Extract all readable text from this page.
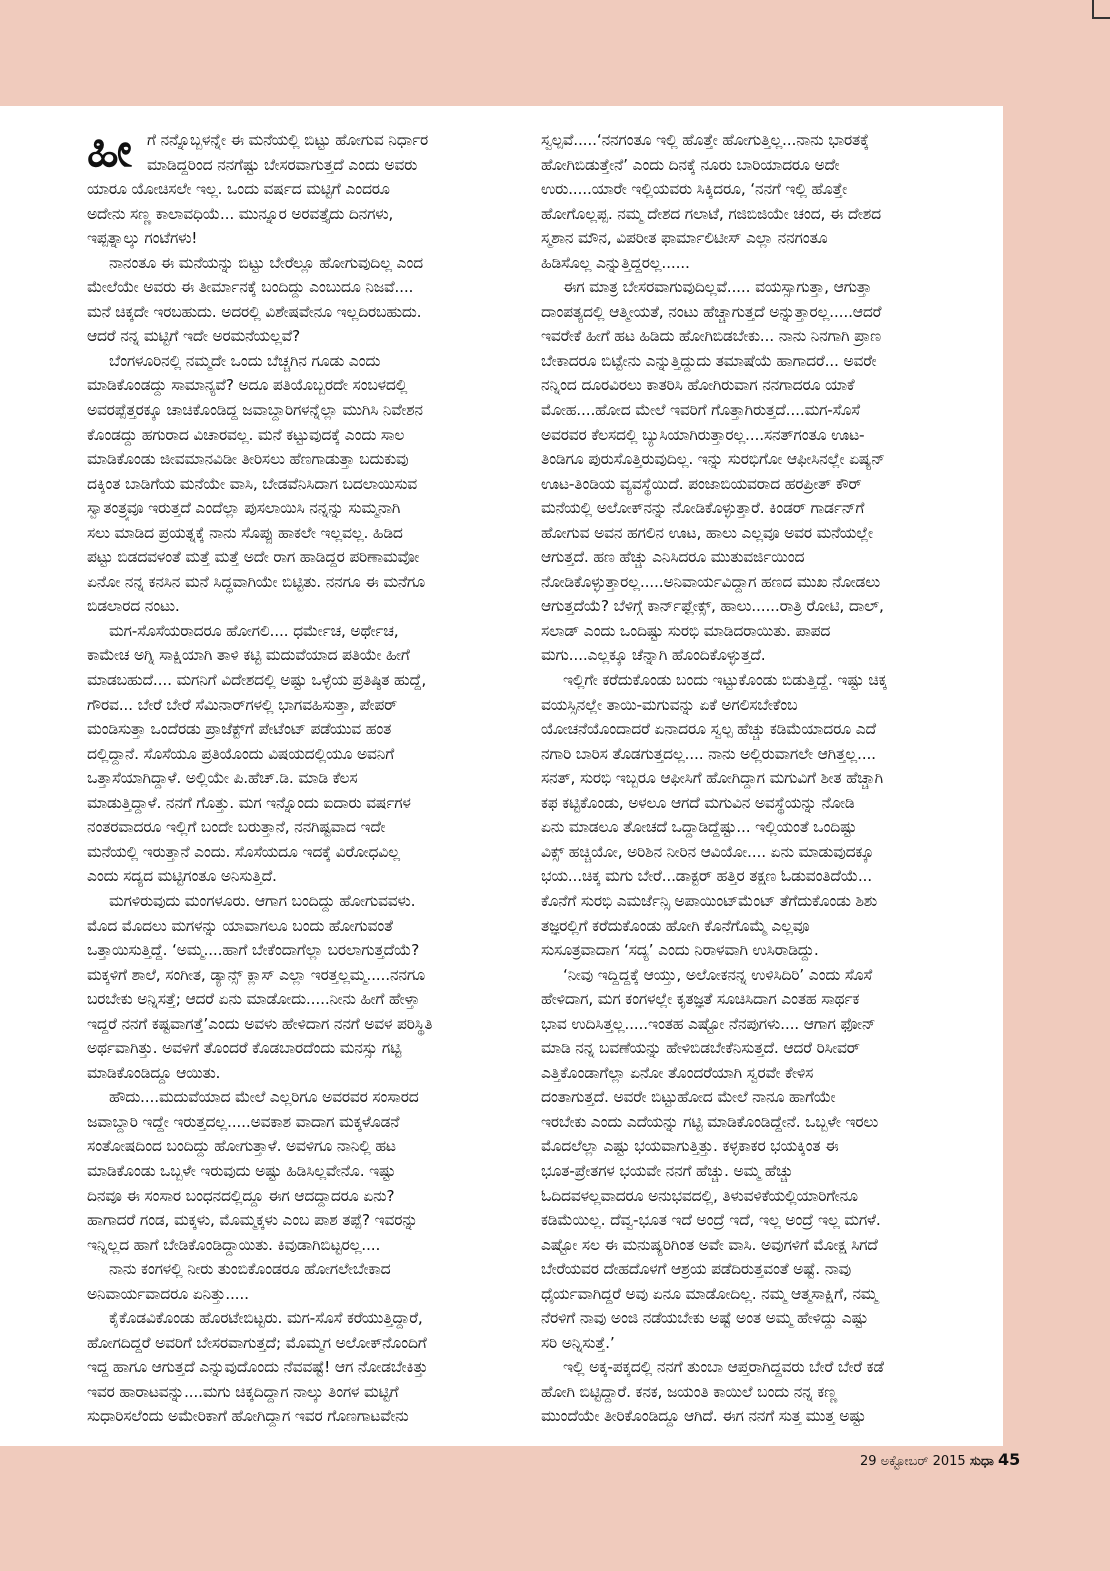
ಹೀ ಗೆ ನನ್ನೊಬ್ಬಳನ್ನೇ ಈ ಮನೆಯಲ್ಲಿ ಬಿಟ್ಟು ಹೋಗುವ ನಿರ್ಧಾರ
ಮಾಡಿದ್ದರಿಂದ ನನಗೆಷ್ಟು ಬೇಸರವಾಗುತ್ತದೆ ಎಂದು ಅವರು
ಯಾರೂ ಯೋಚಿಸಲೇ ಇಲ್ಲ. ಒಂದು ವರ್ಷದ ಮಟ್ಟಿಗೆ ಎಂದರೂ
ಅದೇನು ಸಣ್ಣ ಕಾಲಾವಧಿಯೆ... ಮುನ್ನೂರ ಅರವತ್ತೈದು ದಿನಗಳು,
ಇಪ್ಪತ್ನಾಲ್ಕು ಗಂಟೆಗಳು!
ನಾನಂತೂ ಈ ಮನೆಯನ್ನು ಬಿಟ್ಟು ಬೇರೆಲ್ಲೂ ಹೋಗುವುದಿಲ್ಲ ಎಂದ
ಮೇಲೆಯೇ ಅವರು ಈ ತೀರ್ಮಾನಕ್ಕೆ ಬಂದಿದ್ದು ಎಂಬುದೂ ನಿಜವೆ....
ಮನೆ ಚಿಕ್ಕದೇ ಇರಬಹುದು. ಅದರಲ್ಲಿ ವಿಶೇಷವೇನೂ ಇಲ್ಲದಿರಬಹುದು.
ಆದರೆ ನನ್ನ ಮಟ್ಟಿಗೆ ಇದೇ ಅರಮನೆಯಲ್ಲವೆ?
ಬೆಂಗಳೂರಿನಲ್ಲಿ ನಮ್ಮದೇ ಒಂದು ಬೆಚ್ಚಗಿನ ಗೂಡು ಎಂದು
ಮಾಡಿಕೊಂಡದ್ದು ಸಾಮಾನ್ಯವೆ? ಅದೂ ಪತಿಯೊಬ್ಬರದೇ ಸಂಬಳದಲ್ಲಿ
ಅವರಪ್ಪೆತ್ತರಕ್ಕೂ ಚಾಚಿಕೊಂಡಿದ್ದ ಜವಾಬ್ದಾರಿಗಳನ್ನೆಲ್ಲಾ ಮುಗಿಸಿ ನಿವೇಶನ
ಕೊಂಡದ್ದು ಹಗುರಾದ ವಿಚಾರವಲ್ಲ. ಮನೆ ಕಟ್ಟುವುದಕ್ಕೆ ಎಂದು ಸಾಲ
ಮಾಡಿಕೊಂಡು ಜೀವಮಾನವಿಡೀ ತೀರಿಸಲು ಹೆಣಗಾಡುತ್ತಾ ಬದುಕುವು
ದಕ್ಕಿಂತ ಬಾಡಿಗೆಯ ಮನೆಯೇ ವಾಸಿ, ಬೇಡವೆನಿಸಿದಾಗ ಬದಲಾಯಿಸುವ
ಸ್ವಾತಂತ್ರ್ಯವೂ ಇರುತ್ತದೆ ಎಂದೆಲ್ಲಾ ಪುಸಲಾಯಿಸಿ ನನ್ನನ್ನು ಸುಮ್ಮನಾಗಿ
ಸಲು ಮಾಡಿದ ಪ್ರಯತ್ನಕ್ಕೆ ನಾನು ಸೊಪ್ಪು ಹಾಕಲೇ ಇಲ್ಲವಲ್ಲ. ಹಿಡಿದ
ಪಟ್ಟು ಬಿಡದವಳಂತೆ ಮತ್ತೆ ಮತ್ತೆ ಅದೇ ರಾಗ ಹಾಡಿದ್ದರ ಪರಿಣಾಮವೋ
ಏನೋ ನನ್ನ ಕನಸಿನ ಮನೆ ಸಿದ್ಧವಾಗಿಯೇ ಬಿಟ್ಟಿತು. ನನಗೂ ಈ ಮನೆಗೂ
ಬಿಡಲಾರದ ನಂಟು.
ಮಗ-ಸೊಸೆಯರಾದರೂ ಹೋಗಲಿ.... ಧರ್ಮೇಚ, ಅರ್ಥೇಚ,
ಕಾಮೇಚ ಅಗ್ನಿ ಸಾಕ್ಷಿಯಾಗಿ ತಾಳಿ ಕಟ್ಟಿ ಮದುವೆಯಾದ ಪತಿಯೇ ಹೀಗೆ
ಮಾಡಬಹುದೆ.... ಮಗನಿಗೆ ವಿದೇಶದಲ್ಲಿ ಅಷ್ಟು ಒಳ್ಳೆಯ ಪ್ರತಿಷ್ಠಿತ ಹುದ್ದೆ,
ಗೌರವ... ಬೇರೆ ಬೇರೆ ಸೆಮಿನಾರ್‌ಗಳಲ್ಲಿ ಭಾಗವಹಿಸುತ್ತಾ, ಪೇಪರ್
ಮಂಡಿಸುತ್ತಾ ಒಂದೆರಡು ಪ್ರಾಜೆಕ್ಟ್‌ಗೆ ಪೇಟೆಂಟ್ ಪಡೆಯುವ ಹಂತ
ದಲ್ಲಿದ್ದಾನೆ. ಸೊಸೆಯೂ ಪ್ರತಿಯೊಂದು ವಿಷಯದಲ್ಲಿಯೂ ಅವನಿಗೆ
ಒತ್ತಾಸೆಯಾಗಿದ್ದಾಳೆ. ಅಲ್ಲಿಯೇ ಪಿ.ಹೆಚ್.ಡಿ. ಮಾಡಿ ಕೆಲಸ
ಮಾಡುತ್ತಿದ್ದಾಳೆ. ನನಗೆ ಗೊತ್ತು. ಮಗ ಇನ್ನೊಂದು ಐದಾರು ವರ್ಷಗಳ
ನಂತರವಾದರೂ ಇಲ್ಲಿಗೆ ಬಂದೇ ಬರುತ್ತಾನೆ, ನನಗಿಷ್ಟವಾದ ಇದೇ
ಮನೆಯಲ್ಲಿ ಇರುತ್ತಾನೆ ಎಂದು. ಸೊಸೆಯದೂ ಇದಕ್ಕೆ ವಿರೋಧವಿಲ್ಲ
ಎಂದು ಸದ್ಯದ ಮಟ್ಟಿಗಂತೂ ಅನಿಸುತ್ತಿದೆ.
ಮಗಳಿರುವುದು ಮಂಗಳೂರು. ಆಗಾಗ ಬಂದಿದ್ದು ಹೋಗುವವಳು.
ಮೊದ ಮೊದಲು ಮಗಳನ್ನು ಯಾವಾಗಲೂ ಬಂದು ಹೋಗುವಂತೆ
ಒತ್ತಾಯಿಸುತ್ತಿದ್ದೆ. ‘ಅಮ್ಮ....ಹಾಗೆ ಬೇಕೆಂದಾಗೆಲ್ಲಾ ಬರಲಾಗುತ್ತದೆಯೆ?
ಮಕ್ಕಳಿಗೆ ಶಾಲೆ, ಸಂಗೀತ, ಡ್ಯಾನ್ಸ್ ಕ್ಲಾಸ್ ಎಲ್ಲಾ ಇರತ್ತಲ್ಲಮ್ಮ.....ನನಗೂ
ಬರಬೇಕು ಅನ್ನಿಸತ್ತೆ; ಆದರೆ ಏನು ಮಾಡೋದು.....ನೀನು ಹೀಗೆ ಹೇಳ್ತಾ
ಇದ್ದರೆ ನನಗೆ ಕಷ್ಟವಾಗತ್ತೆ’ಎಂದು ಅವಳು ಹೇಳಿದಾಗ ನನಗೆ ಅವಳ ಪರಿಸ್ಥಿತಿ
ಅರ್ಥವಾಗಿತ್ತು. ಅವಳಿಗೆ ತೊಂದರೆ ಕೊಡಬಾರದೆಂದು ಮನಸ್ಸು ಗಟ್ಟಿ
ಮಾಡಿಕೊಂಡಿದ್ದೂ ಆಯಿತು.
ಹೌದು....ಮದುವೆಯಾದ ಮೇಲೆ ಎಲ್ಲರಿಗೂ ಅವರವರ ಸಂಸಾರದ
ಜವಾಬ್ದಾರಿ ಇದ್ದೇ ಇರುತ್ತದಲ್ಲ.....ಅವಕಾಶ ವಾದಾಗ ಮಕ್ಕಳೊಡನೆ
ಸಂತೋಷದಿಂದ ಬಂದಿದ್ದು ಹೋಗುತ್ತಾಳೆ. ಅವಳಿಗೂ ನಾನಿಲ್ಲಿ ಹಟ
ಮಾಡಿಕೊಂಡು ಒಬ್ಬಳೇ ಇರುವುದು ಅಷ್ಟು ಹಿಡಿಸಿಲ್ಲವೇನೊ. ಇಷ್ಟು
ದಿನವೂ ಈ ಸಂಸಾರ ಬಂಧನದಲ್ಲಿದ್ದೂ ಈಗ ಆದದ್ದಾದರೂ ಏನು?
ಹಾಗಾದರೆ ಗಂಡ, ಮಕ್ಕಳು, ಮೊಮ್ಮಕ್ಕಳು ಎಂಬ ಪಾಶ ತಪ್ಪೆ? ಇವರನ್ನು
ಇನ್ನಿಲ್ಲದ ಹಾಗೆ ಬೇಡಿಕೊಂಡಿದ್ದಾಯಿತು. ಕಿವುಡಾಗಿಬಿಟ್ಟರಲ್ಲ....
ನಾನು ಕಂಗಳಲ್ಲಿ ನೀರು ತುಂಬಿಕೊಂಡರೂ ಹೋಗಲೇಬೇಕಾದ
ಅನಿವಾರ್ಯವಾದರೂ ಏನಿತ್ತು.....
ಕೈಕೊಡವಿಕೊಂಡು ಹೊರಟೇಬಿಟ್ಟರು. ಮಗ-ಸೊಸೆ ಕರೆಯುತ್ತಿದ್ದಾರೆ,
ಹೋಗದಿದ್ದರೆ ಅವರಿಗೆ ಬೇಸರವಾಗುತ್ತದೆ; ಮೊಮ್ಮಗ ಅಲೋಕ್‌ನೊಂದಿಗೆ
ಇದ್ದ ಹಾಗೂ ಆಗುತ್ತದೆ ಎನ್ನುವುದೊಂದು ನೆವವಷ್ಟೆ! ಆಗ ನೋಡಬೇಕಿತ್ತು
ಇವರ ಹಾರಾಟವನ್ನು....ಮಗು ಚಿಕ್ಕದಿದ್ದಾಗ ನಾಲ್ಕು ತಿಂಗಳ ಮಟ್ಟಿಗೆ
ಸುಧಾರಿಸಲೆಂದು ಅಮೇರಿಕಾಗೆ ಹೋಗಿದ್ದಾಗ ಇವರ ಗೊಣಗಾಟವೇನು
ಸ್ವಲ್ಪವೆ.....‘ನನಗಂತೂ ಇಲ್ಲಿ ಹೊತ್ತೇ ಹೋಗುತ್ತಿಲ್ಲ...ನಾನು ಭಾರತಕ್ಕೆ
ಹೋಗಿಬಿಡುತ್ತೇನೆ’ ಎಂದು ದಿನಕ್ಕೆ ನೂರು ಬಾರಿಯಾದರೂ ಅದೇ
ಉರು.....ಯಾರೇ ಇಲ್ಲಿಯವರು ಸಿಕ್ಕಿದರೂ, ‘ನನಗೆ ಇಲ್ಲಿ ಹೊತ್ತೇ
ಹೋಗೊಲ್ಲಪ್ಪ. ನಮ್ಮ ದೇಶದ ಗಲಾಟೆ, ಗಜಿಬಿಜಿಯೇ ಚಂದ, ಈ ದೇಶದ
ಸ್ಮಶಾನ ಮೌನ, ವಿಪರೀತ ಫಾರ್ಮಾಲಿಟೀಸ್ ಎಲ್ಲಾ ನನಗಂತೂ
ಹಿಡಿಸೊಲ್ಲ ಎನ್ನುತ್ತಿದ್ದರಲ್ಲ......
ಈಗ ಮಾತ್ರ ಬೇಸರವಾಗುವುದಿಲ್ಲವೆ..... ವಯಸ್ಸಾಗುತ್ತಾ, ಆಗುತ್ತಾ
ದಾಂಪತ್ಯದಲ್ಲಿ ಆತ್ಮೀಯತೆ, ನಂಟು ಹೆಚ್ಚಾಗುತ್ತದೆ ಅನ್ನುತ್ತಾರಲ್ಲ.....ಆದರೆ
ಇವರೇಕೆ ಹೀಗೆ ಹಟ ಹಿಡಿದು ಹೋಗಿಬಿಡಬೇಕು... ನಾನು ನಿನಗಾಗಿ ಪ್ರಾಣ
ಬೇಕಾದರೂ ಬಿಟ್ಟೇನು ಎನ್ನುತ್ತಿದ್ದುದು ತಮಾಷೆಯೆ ಹಾಗಾದರೆ... ಅವರೇ
ನನ್ನಿಂದ ದೂರವಿರಲು ಕಾತರಿಸಿ ಹೋಗಿರುವಾಗ ನನಗಾದರೂ ಯಾಕೆ
ಮೋಹ....ಹೋದ ಮೇಲೆ ಇವರಿಗೆ ಗೊತ್ತಾಗಿರುತ್ತದೆ....ಮಗ-ಸೊಸೆ
ಅವರವರ ಕೆಲಸದಲ್ಲಿ ಬ್ಯುಸಿಯಾಗಿರುತ್ತಾರಲ್ಲ....ಸನತ್‌ಗಂತೂ ಊಟ-
ತಿಂಡಿಗೂ ಪುರುಸೊತ್ತಿರುವುದಿಲ್ಲ. ಇನ್ನು ಸುರಭಿಗೋ ಆಫೀಸಿನಲ್ಲೇ ಏಷ್ಯನ್
ಊಟ-ತಿಂಡಿಯ ವ್ಯವಸ್ಥೆಯಿದೆ. ಪಂಜಾಬಿಯವರಾದ ಹರಪ್ರೀತ್ ಕೌರ್
ಮನೆಯಲ್ಲಿ ಅಲೋಕ್‌ನನ್ನು ನೋಡಿಕೊಳ್ಳುತ್ತಾರೆ. ಕಿಂಡರ್ ಗಾರ್ಡನ್‌ಗೆ
ಹೋಗುವ ಅವನ ಹಗಲಿನ ಊಟ, ಹಾಲು ಎಲ್ಲವೂ ಅವರ ಮನೆಯಲ್ಲೇ
ಆಗುತ್ತದೆ. ಹಣ ಹೆಚ್ಚು ಎನಿಸಿದರೂ ಮುತುವರ್ಜಿಯಿಂದ
ನೋಡಿಕೊಳ್ಳುತ್ತಾರಲ್ಲ.....ಅನಿವಾರ್ಯವಿದ್ದಾಗ ಹಣದ ಮುಖ ನೋಡಲು
ಆಗುತ್ತದೆಯೆ? ಬೆಳಿಗ್ಗೆ ಕಾರ್ನ್‌ಫ್ಲೇಕ್ಸ್, ಹಾಲು......ರಾತ್ರಿ ರೋಟಿ, ದಾಲ್,
ಸಲಾಡ್ ಎಂದು ಒಂದಿಷ್ಟು ಸುರಭಿ ಮಾಡಿದರಾಯಿತು. ಪಾಪದ
ಮಗು....ಎಲ್ಲಕ್ಕೂ ಚೆನ್ನಾಗಿ ಹೊಂದಿಕೊಳ್ಳುತ್ತದೆ.
ಇಲ್ಲಿಗೇ ಕರೆದುಕೊಂಡು ಬಂದು ಇಟ್ಟುಕೊಂಡು ಬಿಡುತ್ತಿದ್ದೆ. ಇಷ್ಟು ಚಿಕ್ಕ
ವಯಸ್ಸಿನಲ್ಲೇ ತಾಯಿ-ಮಗುವನ್ನು ಏಕೆ ಅಗಲಿಸಬೇಕೆಂಬ
ಯೋಚನೆಯೊಂದಾದರೆ ಏನಾದರೂ ಸ್ವಲ್ಪ ಹೆಚ್ಚು ಕಡಿಮೆಯಾದರೂ ಎದೆ
ನಗಾರಿ ಬಾರಿಸ ತೊಡಗುತ್ತದಲ್ಲ.... ನಾನು ಅಲ್ಲಿರುವಾಗಲೇ ಆಗಿತ್ತಲ್ಲ....
ಸನತ್, ಸುರಭಿ ಇಬ್ಬರೂ ಆಫೀಸಿಗೆ ಹೋಗಿದ್ದಾಗ ಮಗುವಿಗೆ ಶೀತ ಹೆಚ್ಚಾಗಿ
ಕಫ ಕಟ್ಟಿಕೊಂಡು, ಅಳಲೂ ಆಗದೆ ಮಗುವಿನ ಅವಸ್ಥೆಯನ್ನು ನೋಡಿ
ಏನು ಮಾಡಲೂ ತೋಚದೆ ಒದ್ದಾಡಿದ್ದೆಷ್ಟು... ಇಲ್ಲಿಯಂತೆ ಒಂದಿಷ್ಟು
ವಿಕ್ಸ್ ಹಚ್ಚಿಯೋ, ಅರಿಶಿನ ನೀರಿನ ಆವಿಯೋ.... ಏನು ಮಾಡುವುದಕ್ಕೂ
ಭಯ...ಚಿಕ್ಕ ಮಗು ಬೇರೆ...ಡಾಕ್ಟರ್ ಹತ್ತಿರ ತಕ್ಷಣ ಓಡುವಂತಿದೆಯೆ...
ಕೊನೆಗೆ ಸುರಭಿ ಎಮರ್ಜೆನ್ಸಿ ಅಪಾಯಿಂಟ್‌ಮೆಂಟ್ ತೆಗೆದುಕೊಂಡು ಶಿಶು
ತಜ್ಞರಲ್ಲಿಗೆ ಕರೆದುಕೊಂಡು ಹೋಗಿ ಕೊನೆಗೊಮ್ಮೆ ಎಲ್ಲವೂ
ಸುಸೂತ್ರವಾದಾಗ ‘ಸದ್ಯ’ ಎಂದು ನಿರಾಳವಾಗಿ ಉಸಿರಾಡಿದ್ದು.
‘ನೀವು ಇದ್ದಿದ್ದಕ್ಕೆ ಆಯ್ತು, ಅಲೋಕನನ್ನ ಉಳಿಸಿದಿರಿ’ ಎಂದು ಸೊಸೆ
ಹೇಳಿದಾಗ, ಮಗ ಕಂಗಳಲ್ಲೇ ಕೃತಜ್ಞತೆ ಸೂಚಿಸಿದಾಗ ಎಂತಹ ಸಾರ್ಥಕ
ಭಾವ ಉದಿಸಿತ್ತಲ್ಲ.....ಇಂತಹ ಎಷ್ಟೋ ನೆನಪುಗಳು.... ಆಗಾಗ ಫೋನ್
ಮಾಡಿ ನನ್ನ ಬವಣೆಯನ್ನು ಹೇಳಿಬಿಡಬೇಕೆನಿಸುತ್ತದೆ. ಆದರೆ ರಿಸೀವರ್
ಎತ್ತಿಕೊಂಡಾಗೆಲ್ಲಾ ಏನೋ ತೊಂದರೆಯಾಗಿ ಸ್ವರವೇ ಕೇಳಿಸ
ದಂತಾಗುತ್ತದೆ. ಅವರೇ ಬಿಟ್ಟುಹೋದ ಮೇಲೆ ನಾನೂ ಹಾಗೆಯೇ
ಇರಬೇಕು ಎಂದು ಎದೆಯನ್ನು ಗಟ್ಟಿ ಮಾಡಿಕೊಂಡಿದ್ದೇನೆ. ಒಬ್ಬಳೇ ಇರಲು
ಮೊದಲೆಲ್ಲಾ ಎಷ್ಟು ಭಯವಾಗುತ್ತಿತ್ತು. ಕಳ್ಳಕಾಕರ ಭಯಕ್ಕಿಂತ ಈ
ಭೂತ-ಪ್ರೇತಗಳ ಭಯವೇ ನನಗೆ ಹೆಚ್ಚು. ಅಮ್ಮ ಹೆಚ್ಚು
ಓದಿದವಳಲ್ಲವಾದರೂ ಅನುಭವದಲ್ಲಿ, ತಿಳುವಳಿಕೆಯಲ್ಲಿಯಾರಿಗೇನೂ
ಕಡಿಮೆಯಿಲ್ಲ. ದೆವ್ವ-ಭೂತ ಇದೆ ಅಂದ್ರೆ ಇದೆ, ಇಲ್ಲ ಅಂದ್ರೆ ಇಲ್ಲ ಮಗಳೆ.
ಎಷ್ಟೋ ಸಲ ಈ ಮನುಷ್ಯರಿಗಿಂತ ಅವೇ ವಾಸಿ. ಅವುಗಳಿಗೆ ಮೋಕ್ಷ ಸಿಗದೆ
ಬೇರೆಯವರ ದೇಹದೊಳಗೆ ಆಶ್ರಯ ಪಡೆದಿರುತ್ತವಂತೆ ಅಷ್ಟೆ. ನಾವು
ಧೈರ್ಯವಾಗಿದ್ದರೆ ಅವು ಏನೂ ಮಾಡೋದಿಲ್ಲ. ನಮ್ಮ ಆತ್ಮಸಾಕ್ಷಿಗೆ, ನಮ್ಮ
ನೆರಳಿಗೆ ನಾವು ಅಂಜಿ ನಡೆಯಬೇಕು ಅಷ್ಟೆ ಅಂತ ಅಮ್ಮ ಹೇಳಿದ್ದು ಎಷ್ಟು
ಸರಿ ಅನ್ನಿಸುತ್ತೆ.’
ಇಲ್ಲಿ ಅಕ್ಕ-ಪಕ್ಕದಲ್ಲಿ ನನಗೆ ತುಂಬಾ ಆಪ್ತರಾಗಿದ್ದವರು ಬೇರೆ ಬೇರೆ ಕಡೆ
ಹೋಗಿ ಬಿಟ್ಟಿದ್ದಾರೆ. ಕನಕ, ಜಯಂತಿ ಕಾಯಿಲೆ ಬಂದು ನನ್ನ ಕಣ್ಣ
ಮುಂದೆಯೇ ತೀರಿಕೊಂಡಿದ್ದೂ ಆಗಿದೆ. ಈಗ ನನಗೆ ಸುತ್ತ ಮುತ್ತ ಅಷ್ಟು
29 ಅಕ್ಟೋಬರ್ 2015 ಸುಧಾ 45
